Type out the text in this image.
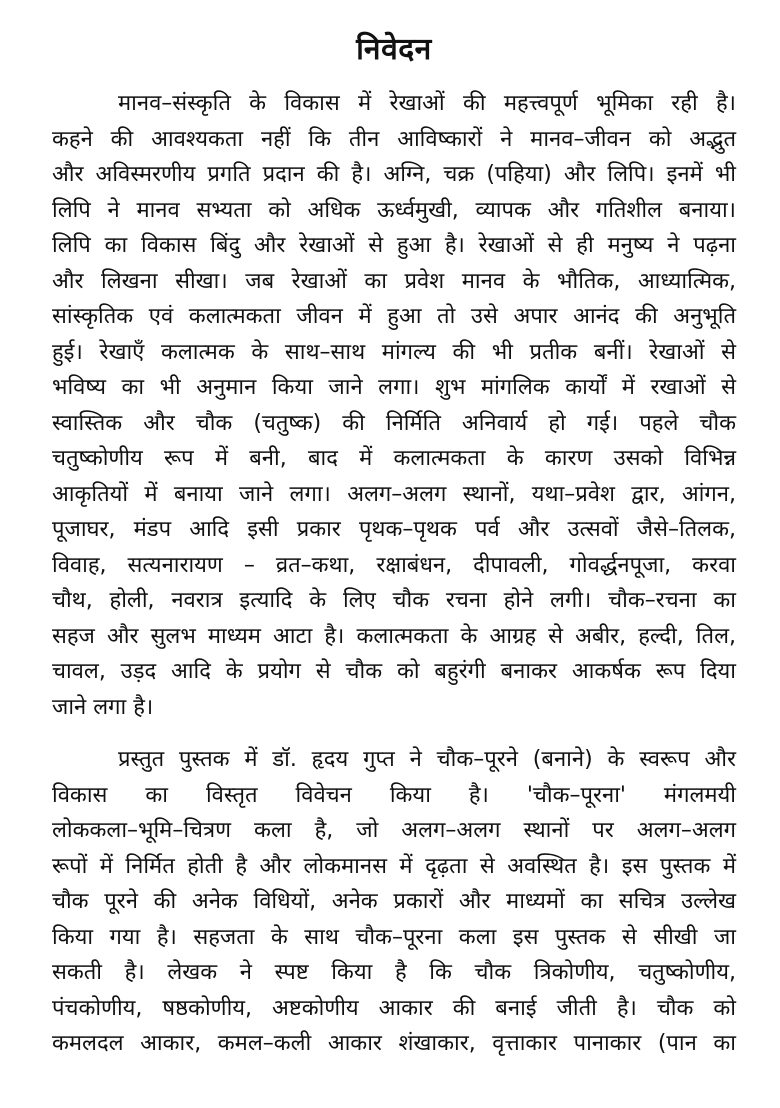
निवेदन
मानव–संस्कृति के विकास में रेखाओं की महत्त्वपूर्ण भूमिका रही है।
कहने की आवश्यकता नहीं कि तीन आविष्कारों ने मानव–जीवन को अद्भुत
और अविस्मरणीय प्रगति प्रदान की है। अग्नि, चक्र (पहिया) और लिपि। इनमें भी
लिपि ने मानव सभ्यता को अधिक ऊर्ध्वमुखी, व्यापक और गतिशील बनाया।
लिपि का विकास बिंदु और रेखाओं से हुआ है। रेखाओं से ही मनुष्य ने पढ़ना
और लिखना सीखा। जब रेखाओं का प्रवेश मानव के भौतिक, आध्यात्मिक,
सांस्कृतिक एवं कलात्मकता जीवन में हुआ तो उसे अपार आनंद की अनुभूति
हुई। रेखाएँ कलात्मक के साथ–साथ मांगल्य की भी प्रतीक बनीं। रेखाओं से
भविष्य का भी अनुमान किया जाने लगा। शुभ मांगलिक कार्यों में रखाओं से
स्वास्तिक और चौक (चतुष्क) की निर्मिति अनिवार्य हो गई। पहले चौक
चतुष्कोणीय रूप में बनी, बाद में कलात्मकता के कारण उसको विभिन्न
आकृतियों में बनाया जाने लगा। अलग–अलग स्थानों, यथा–प्रवेश द्वार, आंगन,
पूजाघर, मंडप आदि इसी प्रकार पृथक–पृथक पर्व और उत्सवों जैसे–तिलक,
विवाह, सत्यनारायण – व्रत–कथा, रक्षाबंधन, दीपावली, गोवर्द्धनपूजा, करवा
चौथ, होली, नवरात्र इत्यादि के लिए चौक रचना होने लगी। चौक–रचना का
सहज और सुलभ माध्यम आटा है। कलात्मकता के आग्रह से अबीर, हल्दी, तिल,
चावल, उड़द आदि के प्रयोग से चौक को बहुरंगी बनाकर आकर्षक रूप दिया
जाने लगा है।
प्रस्तुत पुस्तक में डॉ. हृदय गुप्त ने चौक–पूरने (बनाने) के स्वरूप और
विकास का विस्तृत विवेचन किया है। 'चौक–पूरना' मंगलमयी
लोककला–भूमि–चित्रण कला है, जो अलग–अलग स्थानों पर अलग–अलग
रूपों में निर्मित होती है और लोकमानस में दृढ़ता से अवस्थित है। इस पुस्तक में
चौक पूरने की अनेक विधियों, अनेक प्रकारों और माध्यमों का सचित्र उल्लेख
किया गया है। सहजता के साथ चौक–पूरना कला इस पुस्तक से सीखी जा
सकती है। लेखक ने स्पष्ट किया है कि चौक त्रिकोणीय, चतुष्कोणीय,
पंचकोणीय, षष्ठकोणीय, अष्टकोणीय आकार की बनाई जीती है। चौक को
कमलदल आकार, कमल–कली आकार शंखाकार, वृत्ताकार पानाकार (पान का
